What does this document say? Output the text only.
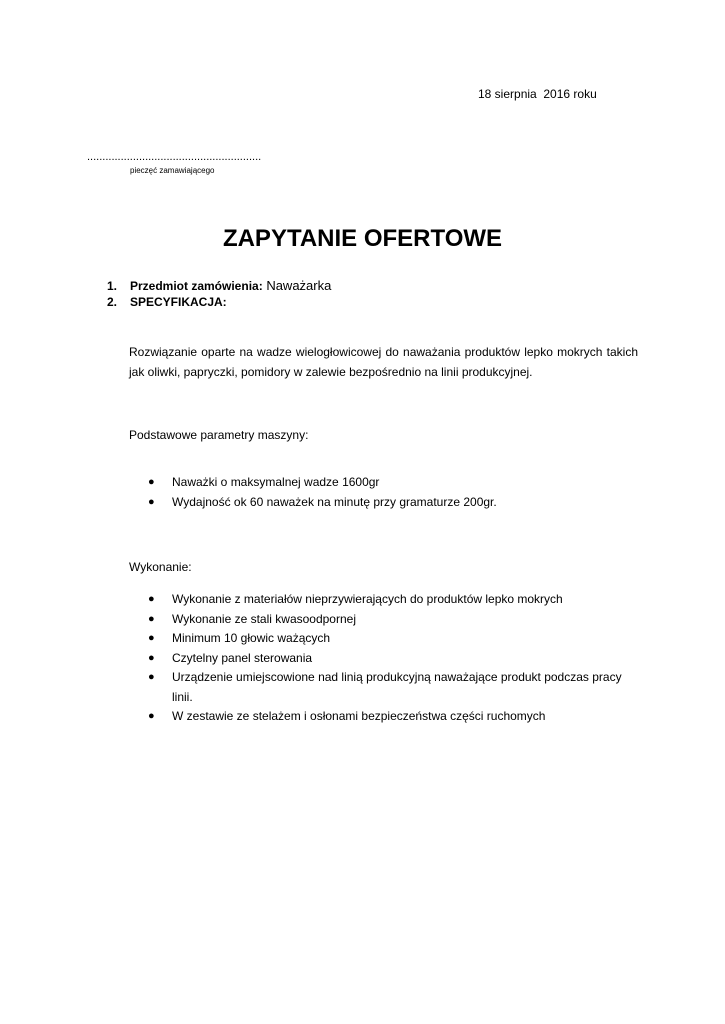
18 sierpnia  2016 roku
.........................................................
pieczęć zamawiającego
ZAPYTANIE OFERTOWE
1. Przedmiot zamówienia: Naważarka
2. SPECYFIKACJA:
Rozwiązanie oparte na wadze wielogłowicowej do naważania produktów lepko mokrych takich jak oliwki, papryczki, pomidory w zalewie bezpośrednio na linii produkcyjnej.
Podstawowe parametry maszyny:
● Naważki o maksymalnej wadze 1600gr
● Wydajność ok 60 naważek na minutę przy gramaturze 200gr.
Wykonanie:
● Wykonanie z materiałów nieprzywierających do produktów lepko mokrych
● Wykonanie ze stali kwasoodpornej
● Minimum 10 głowic ważących
● Czytelny panel sterowania
● Urządzenie umiejscowione nad linią produkcyjną naważające produkt podczas pracy linii.
● W zestawie ze stelażem i osłonami bezpieczeństwa części ruchomych
